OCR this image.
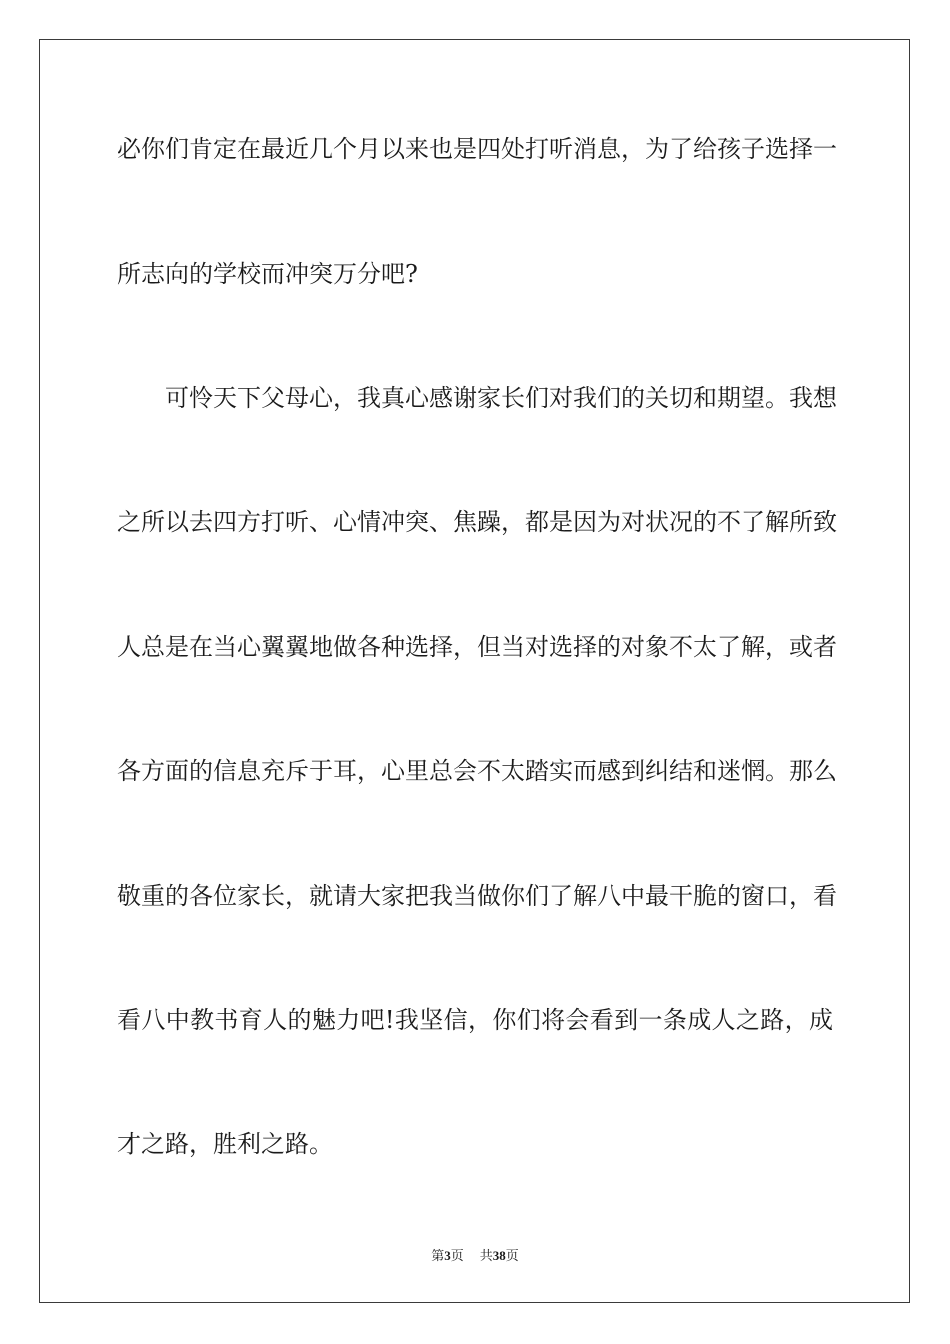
必你们肯定在最近几个月以来也是四处打听消息，为了给孩子选择一
所志向的学校而冲突万分吧?
可怜天下父母心，我真心感谢家长们对我们的关切和期望。我想
之所以去四方打听、心情冲突、焦躁，都是因为对状况的不了解所致
人总是在当心翼翼地做各种选择，但当对选择的对象不太了解，或者
各方面的信息充斥于耳，心里总会不太踏实而感到纠结和迷惘。那么
敬重的各位家长，就请大家把我当做你们了解八中最干脆的窗口，看
看八中教书育人的魅力吧!我坚信，你们将会看到一条成人之路，成
才之路，胜利之路。
第3页 共38页
